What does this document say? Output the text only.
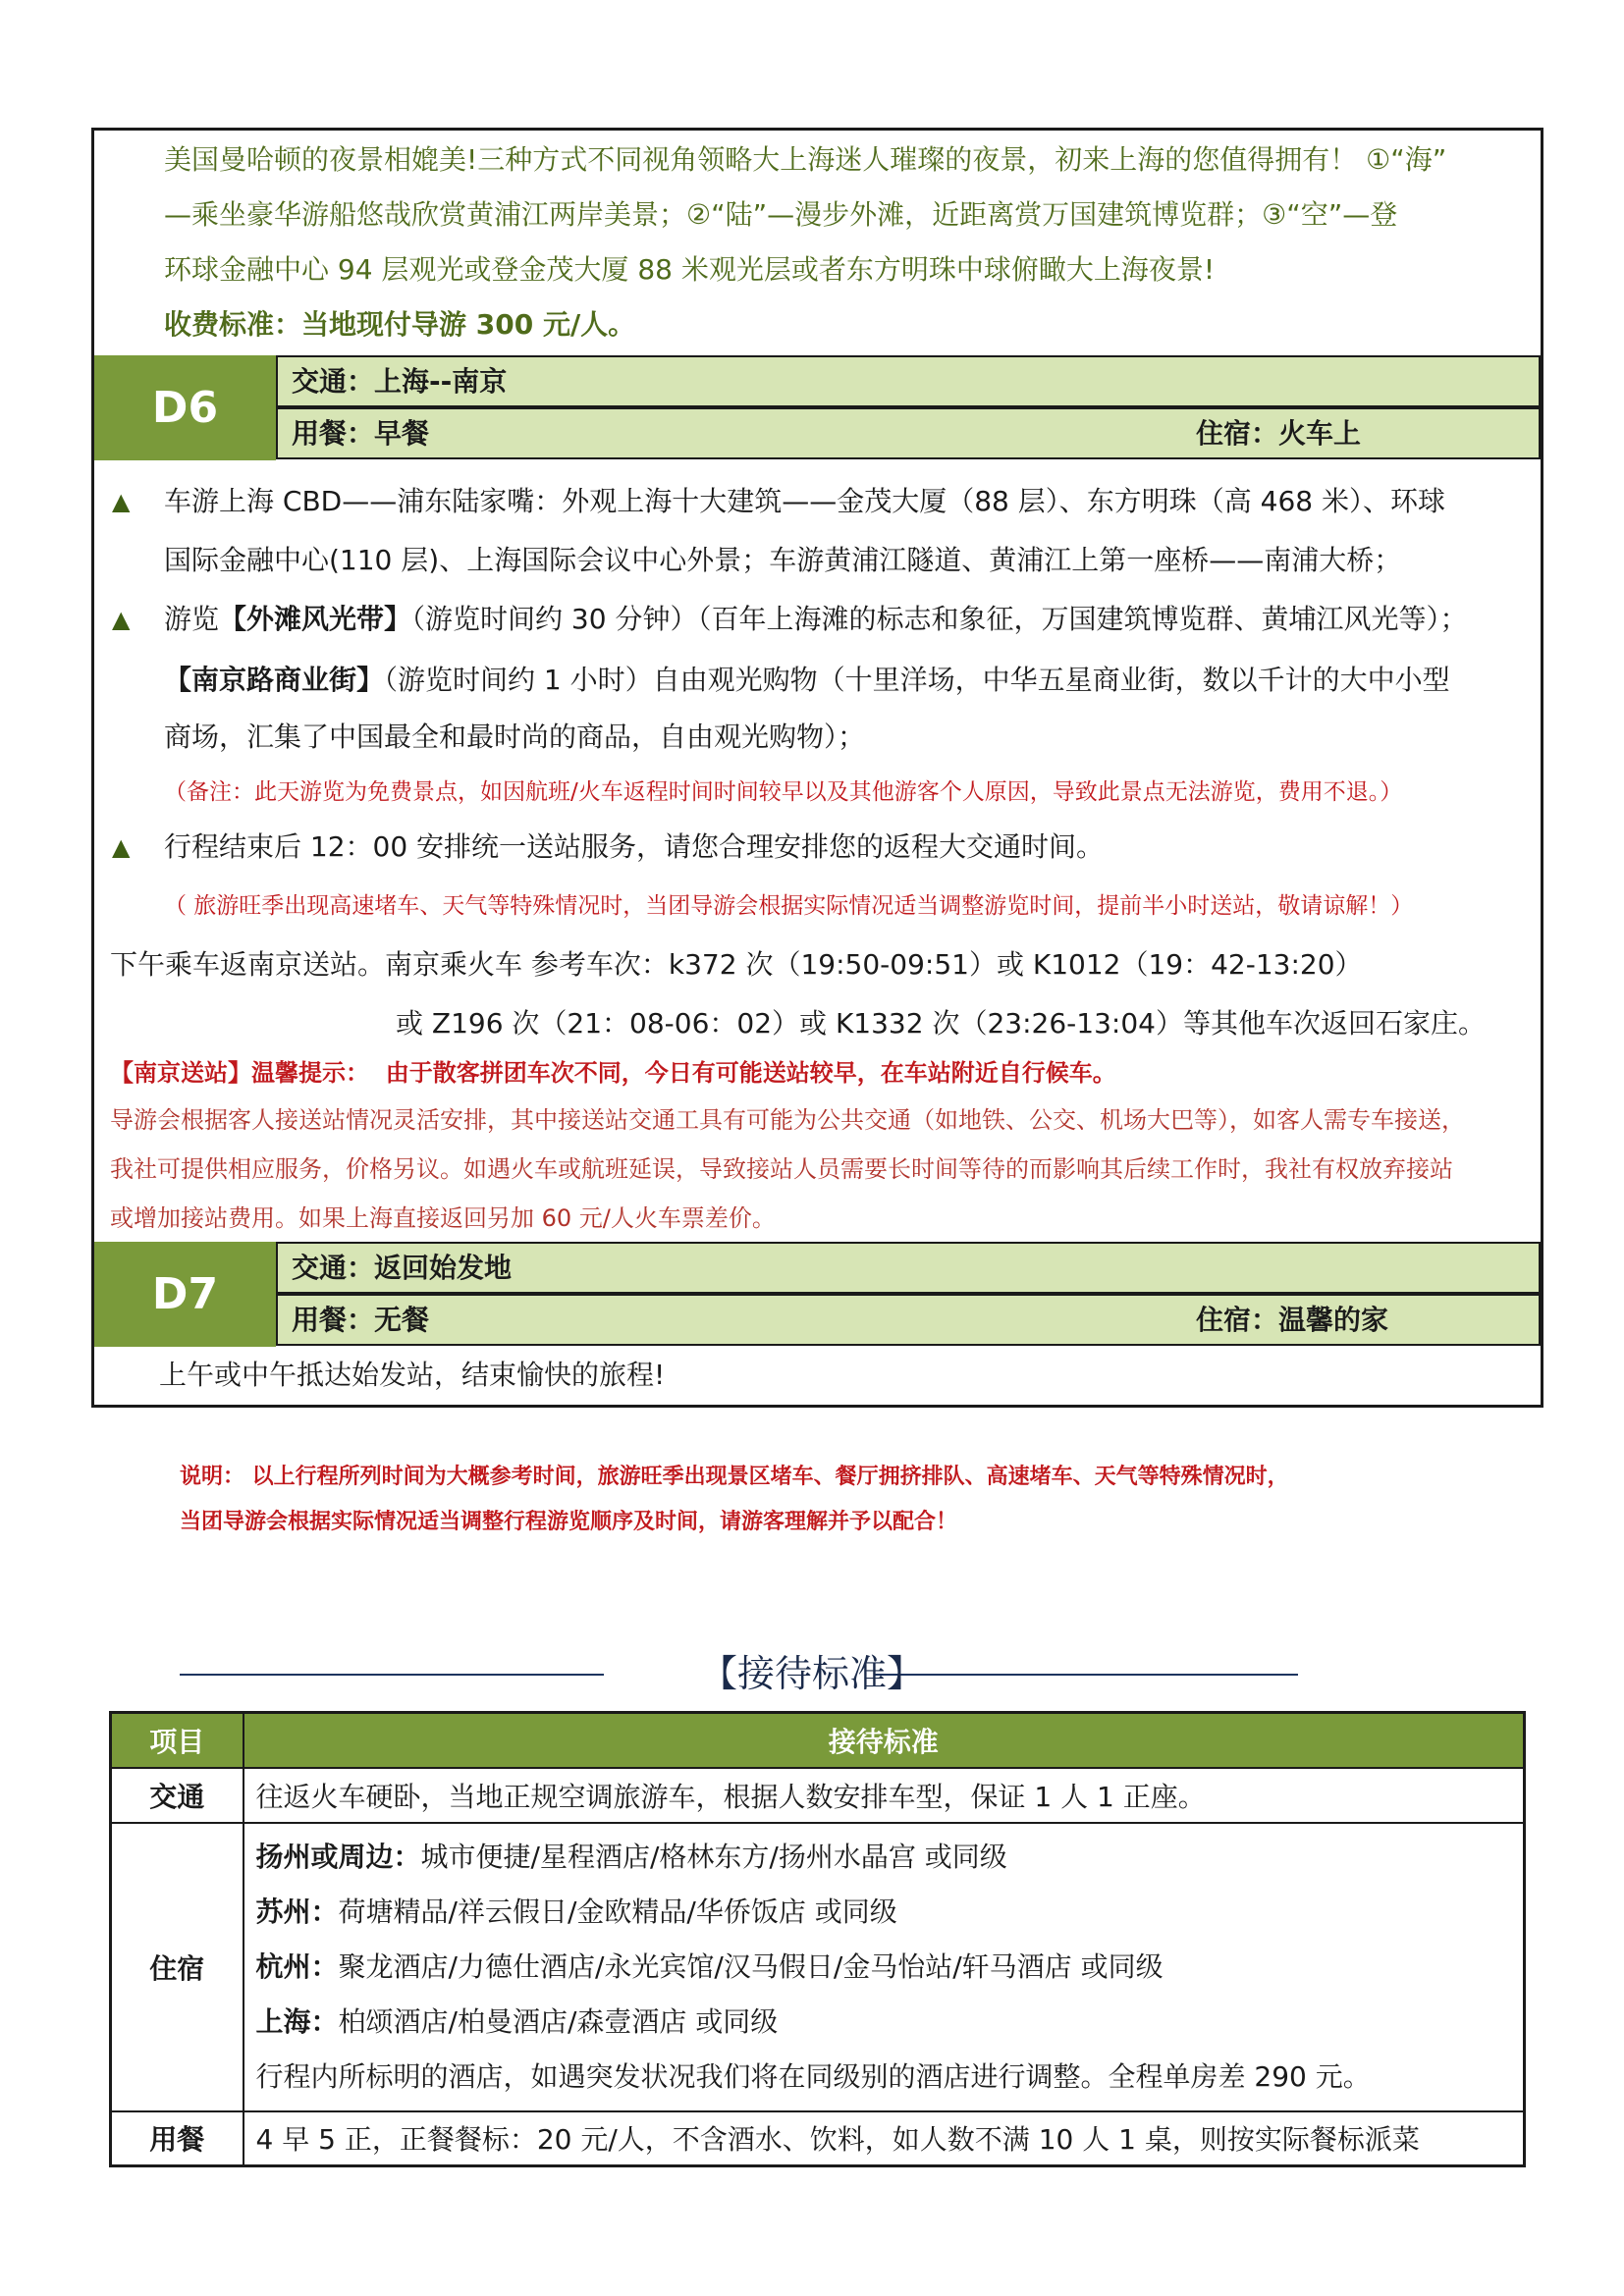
美国曼哈顿的夜景相媲美!三种方式不同视角领略大上海迷人璀璨的夜景，初来上海的您值得拥有！ ①“海”
—乘坐豪华游船悠哉欣赏黄浦江两岸美景；②“陆”—漫步外滩，近距离赏万国建筑博览群；③“空”—登
环球金融中心 94 层观光或登金茂大厦 88 米观光层或者东方明珠中球俯瞰大上海夜景!
收费标准：当地现付导游 300 元/人。
D6
交通：上海--南京
用餐：早餐	住宿：火车上
▲ 车游上海 CBD——浦东陆家嘴：外观上海十大建筑——金茂大厦（88 层）、东方明珠（高 468 米）、环球
国际金融中心(110 层)、上海国际会议中心外景；车游黄浦江隧道、黄浦江上第一座桥——南浦大桥；
▲ 游览【外滩风光带】（游览时间约 30 分钟）（百年上海滩的标志和象征，万国建筑博览群、黄埔江风光等）；
【南京路商业街】（游览时间约 1 小时）自由观光购物（十里洋场，中华五星商业街，数以千计的大中小型
商场，汇集了中国最全和最时尚的商品，自由观光购物）；
（备注：此天游览为免费景点，如因航班/火车返程时间时间较早以及其他游客个人原因，导致此景点无法游览，费用不退。）
▲ 行程结束后 12：00 安排统一送站服务，请您合理安排您的返程大交通时间。
（ 旅游旺季出现高速堵车、天气等特殊情况时，当团导游会根据实际情况适当调整游览时间，提前半小时送站，敬请谅解！）
下午乘车返南京送站。南京乘火车 参考车次：k372 次（19:50-09:51）或 K1012（19：42-13:20）
或 Z196 次（21：08-06：02）或 K1332 次（23:26-13:04）等其他车次返回石家庄。
【南京送站】温馨提示： 由于散客拼团车次不同，今日有可能送站较早，在车站附近自行候车。
导游会根据客人接送站情况灵活安排，其中接送站交通工具有可能为公共交通（如地铁、公交、机场大巴等），如客人需专车接送，
我社可提供相应服务，价格另议。如遇火车或航班延误，导致接站人员需要长时间等待的而影响其后续工作时，我社有权放弃接站
或增加接站费用。如果上海直接返回另加 60 元/人火车票差价。
D7
交通：返回始发地
用餐：无餐	住宿：温馨的家
上午或中午抵达始发站，结束愉快的旅程!
说明： 以上行程所列时间为大概参考时间，旅游旺季出现景区堵车、餐厅拥挤排队、高速堵车、天气等特殊情况时，
当团导游会根据实际情况适当调整行程游览顺序及时间，请游客理解并予以配合！
【接待标准】
项目	接待标准
交通	往返火车硬卧，当地正规空调旅游车，根据人数安排车型，保证 1 人 1 正座。
住宿	扬州或周边：城市便捷/星程酒店/格林东方/扬州水晶宫 或同级
苏州：荷塘精品/祥云假日/金欧精品/华侨饭店 或同级
杭州：聚龙酒店/力德仕酒店/永光宾馆/汉马假日/金马怡站/轩马酒店 或同级
上海：柏颂酒店/柏曼酒店/森壹酒店 或同级
行程内所标明的酒店，如遇突发状况我们将在同级别的酒店进行调整。全程单房差 290 元。

用餐	4 早 5 正，正餐餐标：20 元/人，不含酒水、饮料，如人数不满 10 人 1 桌，则按实际餐标派菜
